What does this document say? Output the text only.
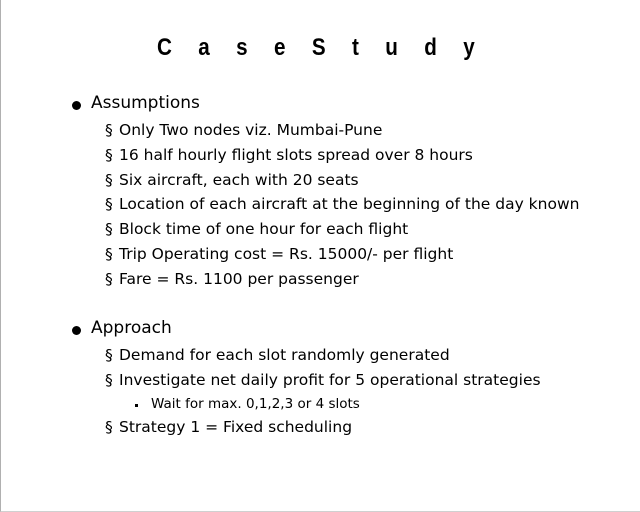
C a s e S t u d y
Assumptions
§ Only Two nodes viz. Mumbai-Pune
§ 16 half hourly flight slots spread over 8 hours
§ Six aircraft, each with 20 seats
§ Location of each aircraft at the beginning of the day known
§ Block time of one hour for each flight
§ Trip Operating cost = Rs. 15000/- per flight
§ Fare = Rs. 1100 per passenger
Approach
§ Demand for each slot randomly generated
§ Investigate net daily profit for 5 operational strategies
Wait for max. 0,1,2,3 or 4 slots
§ Strategy 1 = Fixed scheduling
